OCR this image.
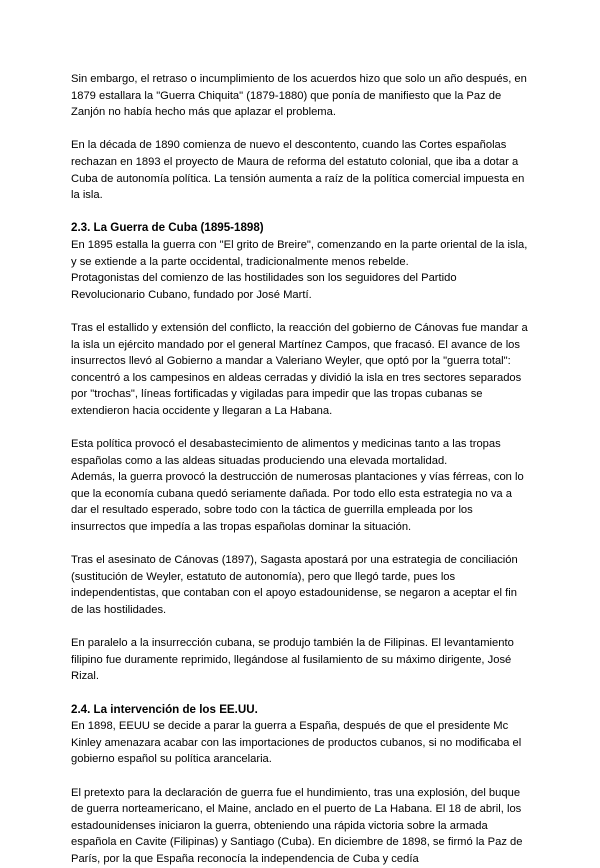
Sin embargo, el retraso o incumplimiento de los acuerdos hizo que solo un año después, en
1879 estallara la "Guerra Chiquita" (1879-1880) que ponía de manifiesto que la Paz de
Zanjón no había hecho más que aplazar el problema.

En la década de 1890 comienza de nuevo el descontento, cuando las Cortes españolas
rechazan en 1893 el proyecto de Maura de reforma del estatuto colonial, que iba a dotar a
Cuba de autonomía política. La tensión aumenta a raíz de la política comercial impuesta en
la isla.

2.3. La Guerra de Cuba (1895-1898)

En 1895 estalla la guerra con "El grito de Breire", comenzando en la parte oriental de la isla,
y se extiende a la parte occidental, tradicionalmente menos rebelde.
Protagonistas del comienzo de las hostilidades son los seguidores del Partido
Revolucionario Cubano, fundado por José Martí.

Tras el estallido y extensión del conflicto, la reacción del gobierno de Cánovas fue mandar a
la isla un ejército mandado por el general Martínez Campos, que fracasó. El avance de los
insurrectos llevó al Gobierno a mandar a Valeriano Weyler, que optó por la "guerra total":
concentró a los campesinos en aldeas cerradas y dividió la isla en tres sectores separados
por "trochas", líneas fortificadas y vigiladas para impedir que las tropas cubanas se
extendieron hacia occidente y llegaran a La Habana.

Esta política provocó el desabastecimiento de alimentos y medicinas tanto a las tropas
españolas como a las aldeas situadas produciendo una elevada mortalidad.
Además, la guerra provocó la destrucción de numerosas plantaciones y vías férreas, con lo
que la economía cubana quedó seriamente dañada. Por todo ello esta estrategia no va a
dar el resultado esperado, sobre todo con la táctica de guerrilla empleada por los
insurrectos que impedía a las tropas españolas dominar la situación.

Tras el asesinato de Cánovas (1897), Sagasta apostará por una estrategia de conciliación
(sustitución de Weyler, estatuto de autonomía), pero que llegó tarde, pues los
independentistas, que contaban con el apoyo estadounidense, se negaron a aceptar el fin
de las hostilidades.

En paralelo a la insurrección cubana, se produjo también la de Filipinas. El levantamiento
filipino fue duramente reprimido, llegándose al fusilamiento de su máximo dirigente, José
Rizal.

2.4. La intervención de los EE.UU.

En 1898, EEUU se decide a parar la guerra a España, después de que el presidente Mc
Kinley amenazara acabar con las importaciones de productos cubanos, si no modificaba el
gobierno español su política arancelaria.

El pretexto para la declaración de guerra fue el hundimiento, tras una explosión, del buque
de guerra norteamericano, el Maine, anclado en el puerto de La Habana. El 18 de abril, los
estadounidenses iniciaron la guerra, obteniendo una rápida victoria sobre la armada
española en Cavite (Filipinas) y Santiago (Cuba). En diciembre de 1898, se firmó la Paz de
París, por la que España reconocía la independencia de Cuba y cedía
